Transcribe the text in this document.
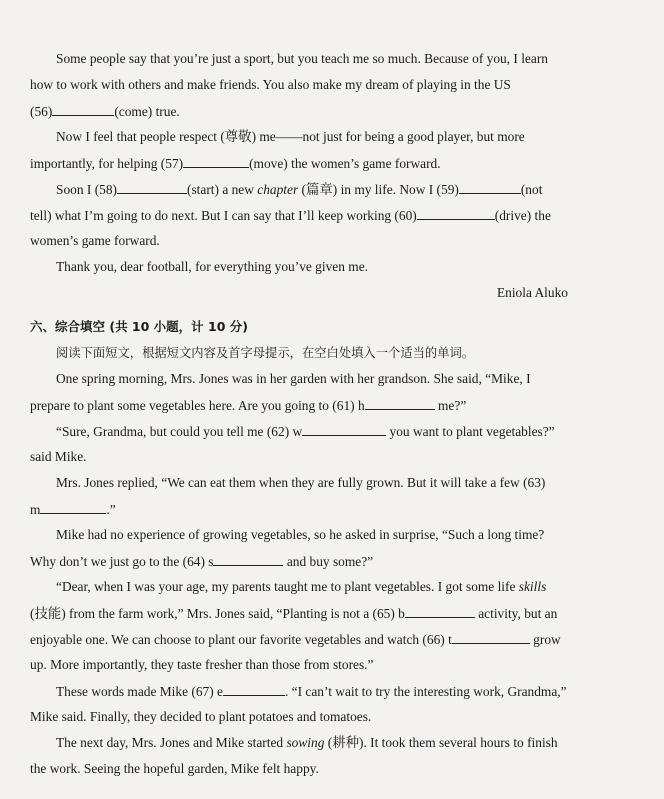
Some people say that you’re just a sport, but you teach me so much. Because of you, I learn
how to work with others and make friends. You also make my dream of playing in the US
(56)	(come) true.
Now I feel that people respect (尊敬) me——not just for being a good player, but more
importantly, for helping (57)	(move) the women’s game forward.
Soon I (58)	(start) a new chapter (篇章) in my life. Now I (59)	(not
tell) what I’m going to do next. But I can say that I’ll keep working (60)	(drive) the
women’s game forward.
Thank you, dear football, for everything you’ve given me.
Eniola Aluko
六、综合填空 (共 10 小题，计 10 分)
阅读下面短文，根据短文内容及首字母提示，在空白处填入一个适当的单词。
One spring morning, Mrs. Jones was in her garden with her grandson. She said, “Mike, I
prepare to plant some vegetables here. Are you going to (61) h	me?”
“Sure, Grandma, but could you tell me (62) w	you want to plant vegetables?”
said Mike.
Mrs. Jones replied, “We can eat them when they are fully grown. But it will take a few (63)
m	.”
Mike had no experience of growing vegetables, so he asked in surprise, “Such a long time?
Why don’t we just go to the (64) s	and buy some?”
“Dear, when I was your age, my parents taught me to plant vegetables. I got some life skills
(技能) from the farm work,” Mrs. Jones said, “Planting is not a (65) b	activity, but an
enjoyable one. We can choose to plant our favorite vegetables and watch (66) t	grow
up. More importantly, they taste fresher than those from stores.”
These words made Mike (67) e	. “I can’t wait to try the interesting work, Grandma,”
Mike said. Finally, they decided to plant potatoes and tomatoes.
The next day, Mrs. Jones and Mike started sowing (耕种). It took them several hours to finish
the work. Seeing the hopeful garden, Mike felt happy.
